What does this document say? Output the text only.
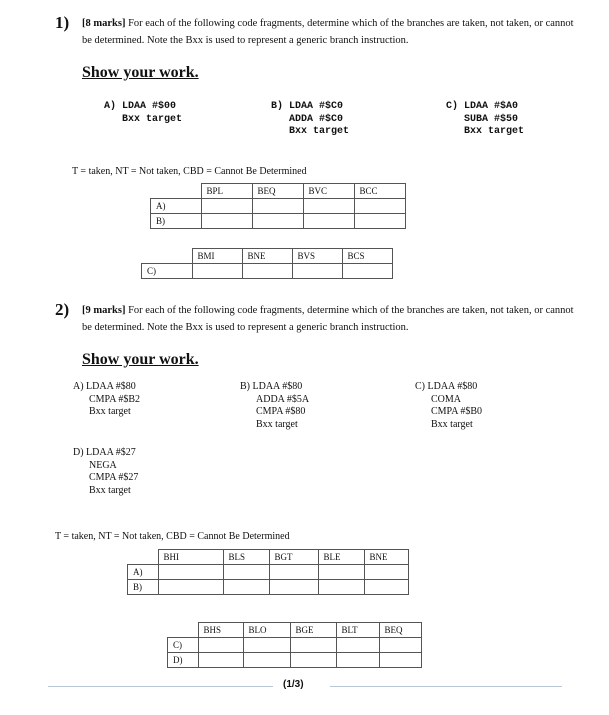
1) [8 marks] For each of the following code fragments, determine which of the branches are taken, not taken, or cannot be determined. Note the Bxx is used to represent a generic branch instruction.
Show your work.
A) LDAA #$00
Bxx target
B) LDAA #$C0
ADDA #$C0
Bxx target
C) LDAA #$A0
SUBA #$50
Bxx target
T = taken, NT = Not taken, CBD = Cannot Be Determined
	BPL	BEQ	BVC	BCC
A)				
B)				
	BMI	BNE	BVS	BCS
C)				
2) [9 marks] For each of the following code fragments, determine which of the branches are taken, not taken, or cannot be determined. Note the Bxx is used to represent a generic branch instruction.
Show your work.
A) LDAA #$80
CMPA #$B2
Bxx target
B) LDAA #$80
ADDA #$5A
CMPA #$80
Bxx target
C) LDAA #$80
COMA
CMPA #$B0
Bxx target
D) LDAA #$27
NEGA
CMPA #$27
Bxx target
T = taken, NT = Not taken, CBD = Cannot Be Determined
	BHI	BLS	BGT	BLE	BNE
A)					
B)					
	BHS	BLO	BGE	BLT	BEQ
C)					
D)					
(1/3)
